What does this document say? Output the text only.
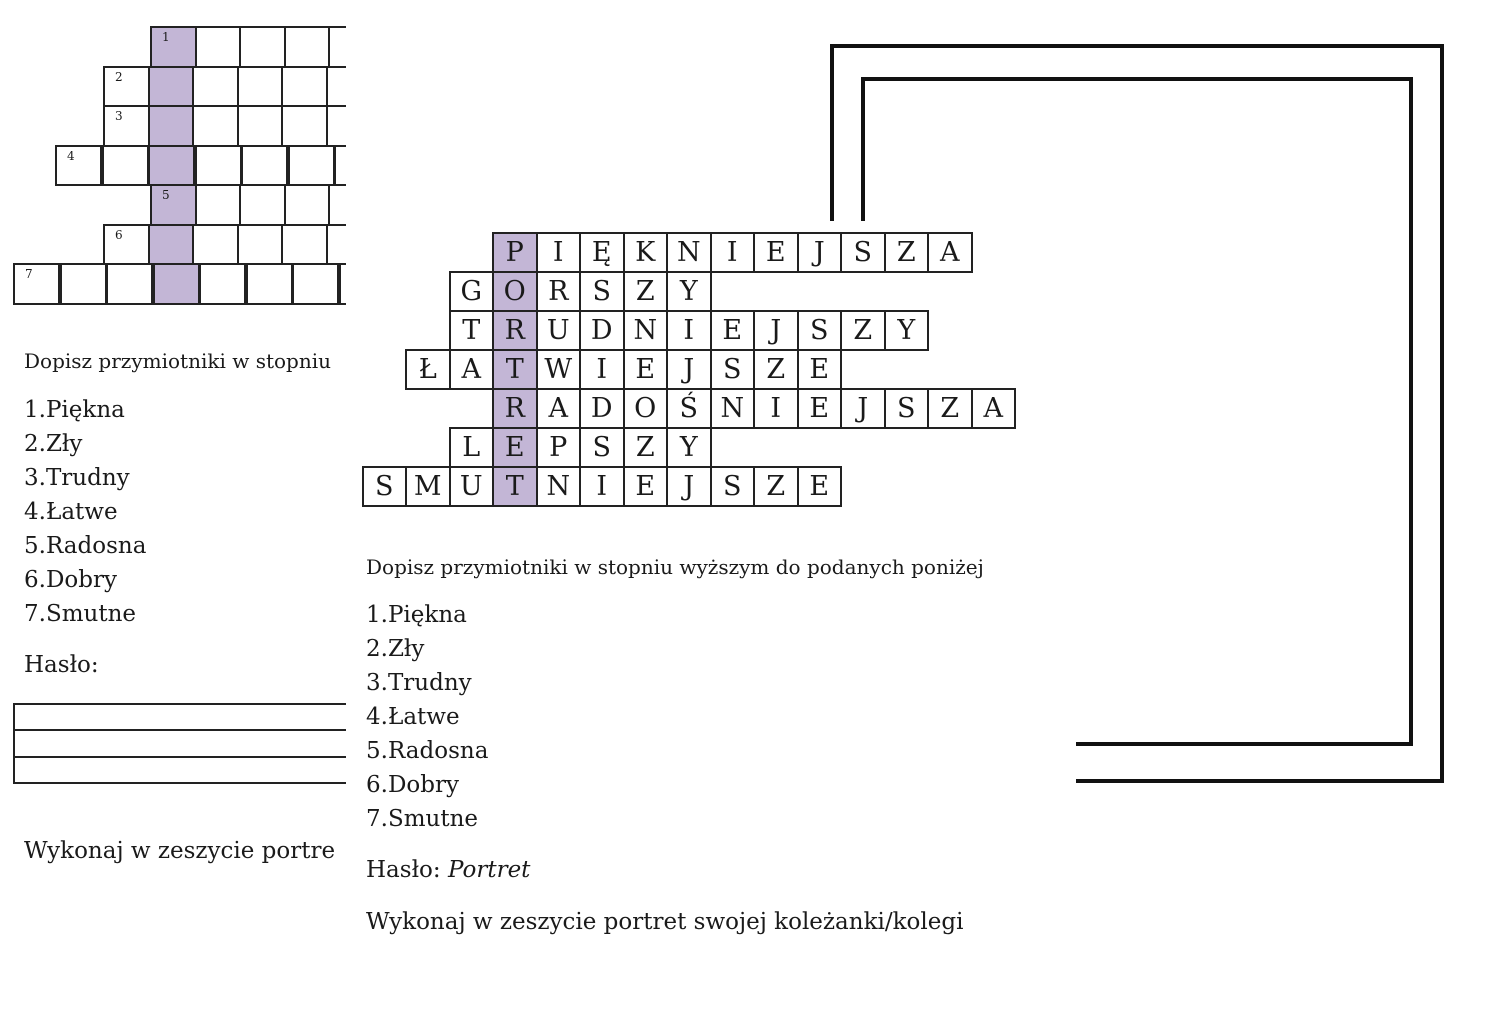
1
2
3
4
5
6
7
Dopisz przymiotniki w stopniu
1.Piękna
2.Zły
3.Trudny
4.Łatwe
5.Radosna
6.Dobry
7.Smutne
Hasło:
Wykonaj w zeszycie portre
P	I	Ę K N I	E	J	S Z A
G O R S Z Y
T R U D N I	E	J	S Z Y
Ł A T W I	E	J	S Z E
R A D O Ś N I	E	J	S Z A
L E P S Z Y
S M U T N I	E	J	S Z E
Dopisz przymiotniki w stopniu wyższym do podanych poniżej
1.Piękna
2.Zły
3.Trudny
4.Łatwe
5.Radosna
6.Dobry
7.Smutne
Hasło: Portret
Wykonaj w zeszycie portret swojej koleżanki/kolegi
